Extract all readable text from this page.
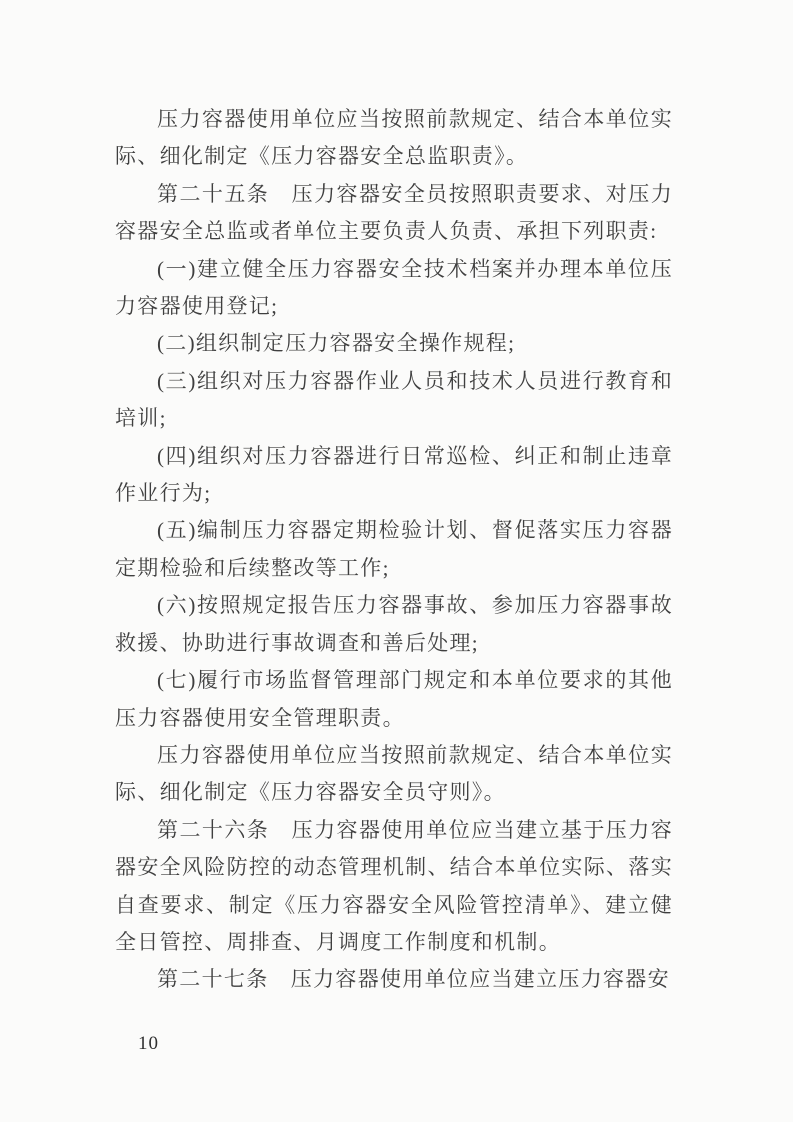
压力容器使用单位应当按照前款规定、结合本单位实际、细化制定《压力容器安全总监职责》。

第二十五条　压力容器安全员按照职责要求、对压力容器安全总监或者单位主要负责人负责、承担下列职责:

(一)建立健全压力容器安全技术档案并办理本单位压力容器使用登记;

(二)组织制定压力容器安全操作规程;

(三)组织对压力容器作业人员和技术人员进行教育和培训;

(四)组织对压力容器进行日常巡检、纠正和制止违章作业行为;

(五)编制压力容器定期检验计划、督促落实压力容器定期检验和后续整改等工作;

(六)按照规定报告压力容器事故、参加压力容器事故救援、协助进行事故调查和善后处理;

(七)履行市场监督管理部门规定和本单位要求的其他压力容器使用安全管理职责。

压力容器使用单位应当按照前款规定、结合本单位实际、细化制定《压力容器安全员守则》。

第二十六条　压力容器使用单位应当建立基于压力容器安全风险防控的动态管理机制、结合本单位实际、落实自查要求、制定《压力容器安全风险管控清单》、建立健全日管控、周排查、月调度工作制度和机制。

第二十七条　压力容器使用单位应当建立压力容器安

10
